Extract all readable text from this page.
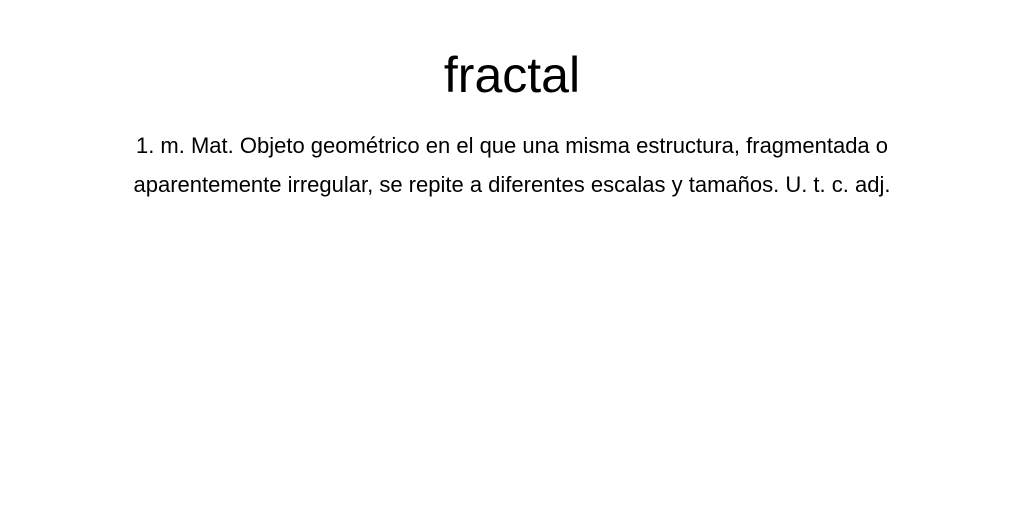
fractal

1. m. Mat. Objeto geométrico en el que una misma estructura, fragmentada o aparentemente irregular, se repite a diferentes escalas y tamaños. U. t. c. adj.
